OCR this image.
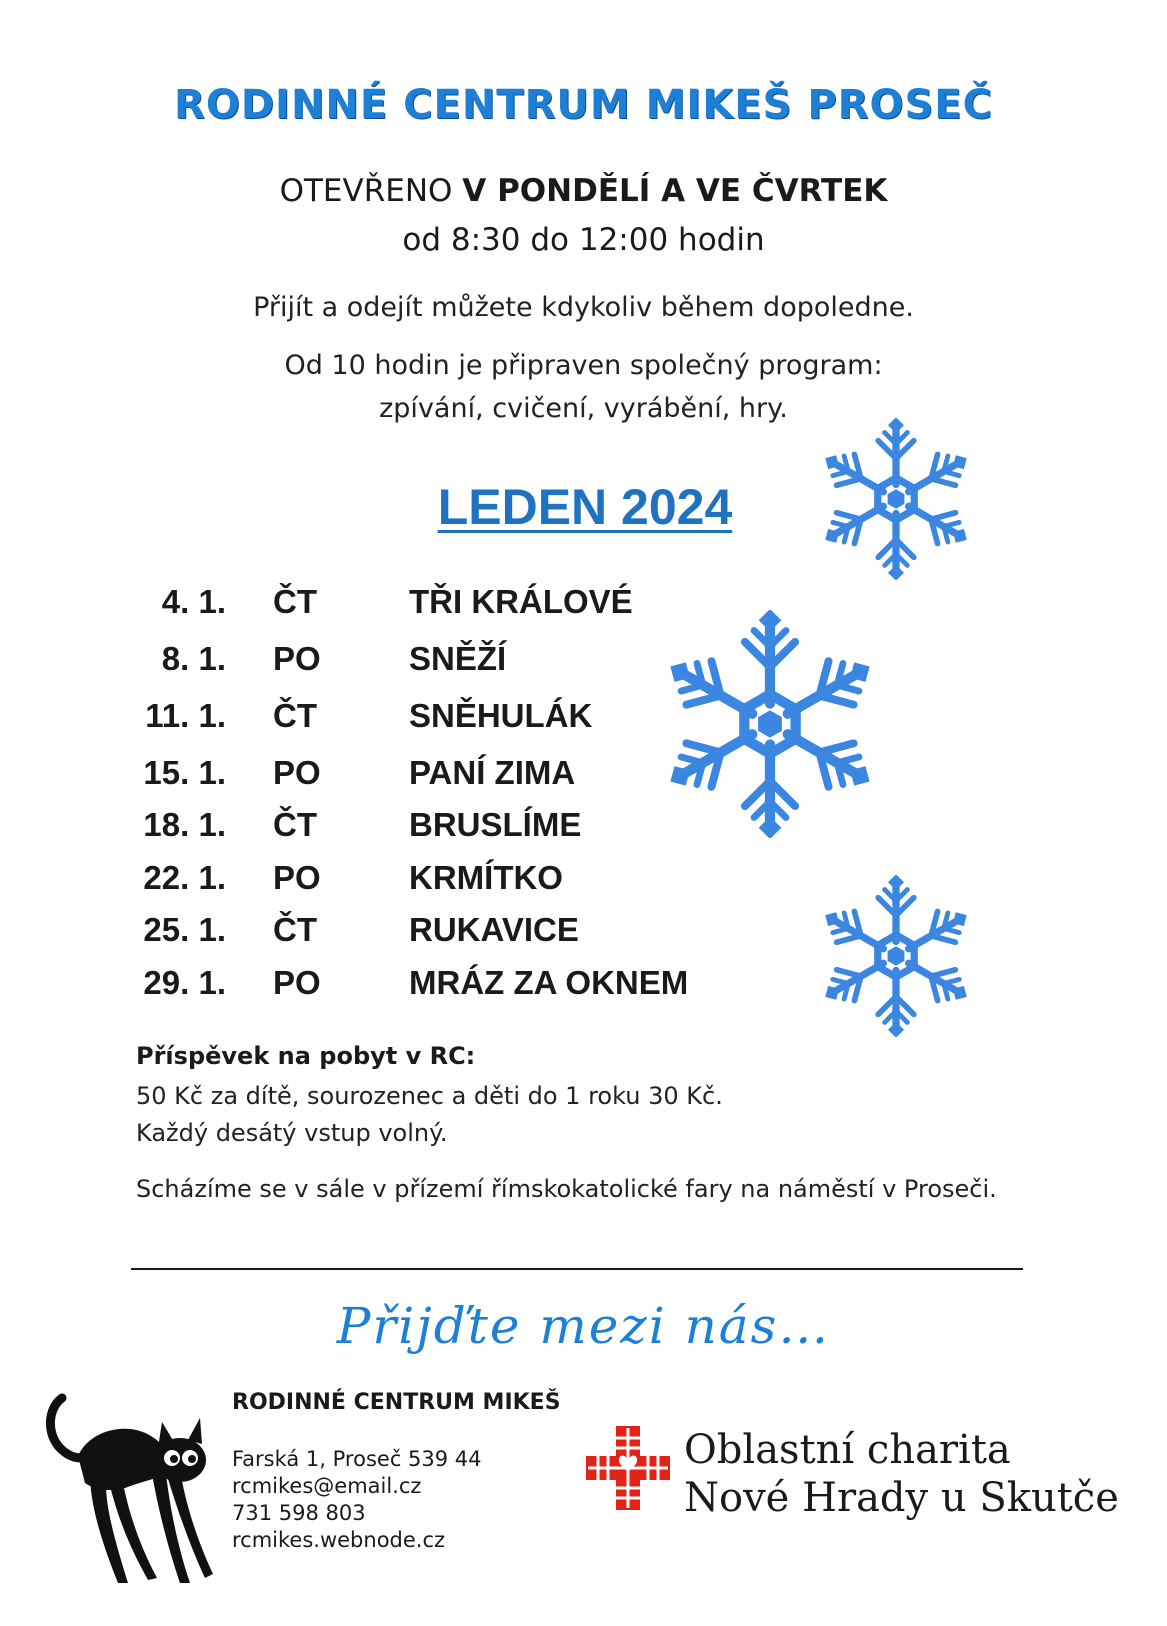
RODINNÉ CENTRUM MIKEŠ PROSEČ
OTEVŘENO V PONDĚLÍ A VE ČVRTEK
od 8:30 do 12:00 hodin
Přijít a odejít můžete kdykoliv během dopoledne.
Od 10 hodin je připraven společný program:
zpívání, cvičení, vyrábění, hry.
LEDEN 2024
4. 1. ČT	TŘI KRÁLOVÉ
8. 1. PO	SNĚŽÍ
11. 1. ČT	SNĚHULÁK
15. 1. PO	PANÍ ZIMA
18. 1. ČT	BRUSLÍME
22. 1. PO	KRMÍTKO
25. 1. ČT	RUKAVICE
29. 1. PO	MRÁZ ZA OKNEM
Příspěvek na pobyt v RC:
50 Kč za dítě, sourozenec a děti do 1 roku 30 Kč.
Každý desátý vstup volný.
Scházíme se v sále v přízemí římskokatolické fary na náměstí v Proseči.
Přijďte mezi nás…
RODINNÉ CENTRUM MIKEŠ
Farská 1, Proseč 539 44
rcmikes@email.cz
731 598 803
rcmikes.webnode.cz
Oblastní charita
Nové Hrady u Skutče
